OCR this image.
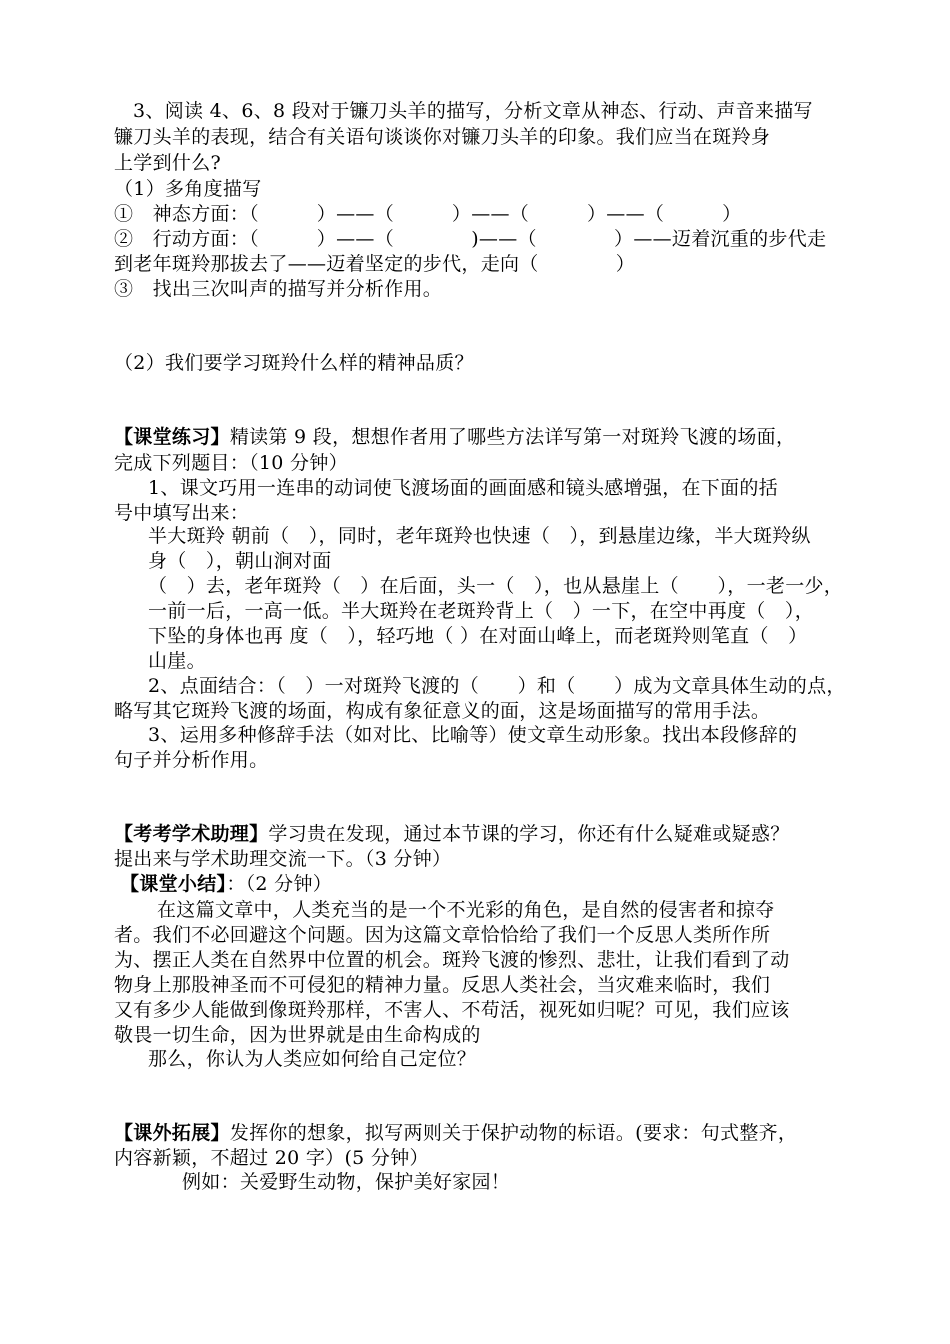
3、阅读 4、6、8 段对于镰刀头羊的描写，分析文章从神态、行动、声音来描写
镰刀头羊的表现，结合有关语句谈谈你对镰刀头羊的印象。我们应当在斑羚身
上学到什么?
（1）多角度描写
①　神态方面：（　　　）——（　　　）——（　　　）——（　　　）
②　行动方面：（　　　）——（　　　　)——（　　　　）——迈着沉重的步代走
到老年斑羚那拔去了——迈着坚定的步代，走向（　　　　）
③　找出三次叫声的描写并分析作用。
（2）我们要学习斑羚什么样的精神品质？
【课堂练习】精读第 9 段，想想作者用了哪些方法详写第一对斑羚飞渡的场面，
完成下列题目：（10 分钟）
1、课文巧用一连串的动词使飞渡场面的画面感和镜头感增强，在下面的括
号中填写出来：
半大斑羚 朝前（　），同时，老年斑羚也快速（　），到悬崖边缘，半大斑羚纵
身（　），朝山涧对面
（　）去，老年斑羚（　）在后面，头一（　），也从悬崖上（　　），一老一少，
一前一后，一高一低。半大斑羚在老斑羚背上（　）一下，在空中再度（　），
下坠的身体也再 度（　），轻巧地（ ）在对面山峰上，而老斑羚则笔直（　）
山崖。
2、点面结合：（　）一对斑羚飞渡的（　　）和（　　）成为文章具体生动的点，
略写其它斑羚飞渡的场面，构成有象征意义的面，这是场面描写的常用手法。
3、运用多种修辞手法（如对比、比喻等）使文章生动形象。找出本段修辞的
句子并分析作用。
【考考学术助理】学习贵在发现，通过本节课的学习，你还有什么疑难或疑惑？
提出来与学术助理交流一下。（3 分钟）
【课堂小结】：（2 分钟）
在这篇文章中，人类充当的是一个不光彩的角色，是自然的侵害者和掠夺
者。我们不必回避这个问题。因为这篇文章恰恰给了我们一个反思人类所作所
为、摆正人类在自然界中位置的机会。斑羚飞渡的惨烈、悲壮，让我们看到了动
物身上那股神圣而不可侵犯的精神力量。反思人类社会，当灾难来临时，我们
又有多少人能做到像斑羚那样，不害人、不苟活，视死如归呢？可见，我们应该
敬畏一切生命，因为世界就是由生命构成的
那么，你认为人类应如何给自己定位？
【课外拓展】发挥你的想象，拟写两则关于保护动物的标语。(要求：句式整齐，
内容新颖，不超过 20 字）(5 分钟）
例如：关爱野生动物，保护美好家园！
